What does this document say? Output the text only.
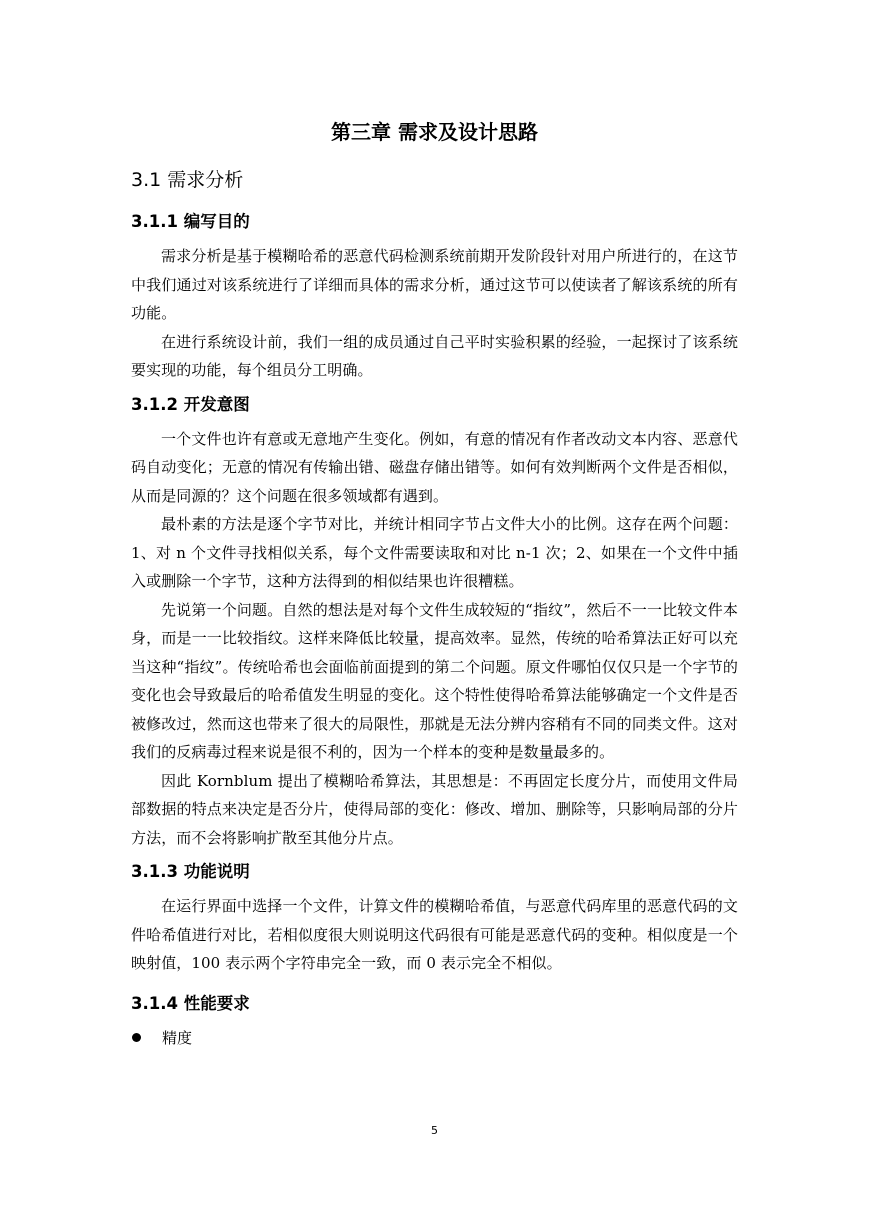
第三章 需求及设计思路
3.1 需求分析
3.1.1 编写目的

需求分析是基于模糊哈希的恶意代码检测系统前期开发阶段针对用户所进行的，在这节中我们通过对该系统进行了详细而具体的需求分析，通过这节可以使读者了解该系统的所有功能。

在进行系统设计前，我们一组的成员通过自己平时实验积累的经验，一起探讨了该系统要实现的功能，每个组员分工明确。

3.1.2 开发意图

一个文件也许有意或无意地产生变化。例如，有意的情况有作者改动文本内容、恶意代码自动变化；无意的情况有传输出错、磁盘存储出错等。如何有效判断两个文件是否相似，从而是同源的？这个问题在很多领域都有遇到。

最朴素的方法是逐个字节对比，并统计相同字节占文件大小的比例。这存在两个问题：1、对 n 个文件寻找相似关系，每个文件需要读取和对比 n-1 次；2、如果在一个文件中插入或删除一个字节，这种方法得到的相似结果也许很糟糕。

先说第一个问题。自然的想法是对每个文件生成较短的“指纹”，然后不一一比较文件本身，而是一一比较指纹。这样来降低比较量，提高效率。显然，传统的哈希算法正好可以充当这种“指纹”。传统哈希也会面临前面提到的第二个问题。原文件哪怕仅仅只是一个字节的变化也会导致最后的哈希值发生明显的变化。这个特性使得哈希算法能够确定一个文件是否被修改过，然而这也带来了很大的局限性，那就是无法分辨内容稍有不同的同类文件。这对我们的反病毒过程来说是很不利的，因为一个样本的变种是数量最多的。

因此 Kornblum 提出了模糊哈希算法，其思想是：不再固定长度分片，而使用文件局部数据的特点来决定是否分片，使得局部的变化：修改、增加、删除等，只影响局部的分片方法，而不会将影响扩散至其他分片点。

3.1.3 功能说明

在运行界面中选择一个文件，计算文件的模糊哈希值，与恶意代码库里的恶意代码的文件哈希值进行对比，若相似度很大则说明这代码很有可能是恶意代码的变种。相似度是一个映射值，100 表示两个字符串完全一致，而 0 表示完全不相似。

3.1.4 性能要求
精度
5
